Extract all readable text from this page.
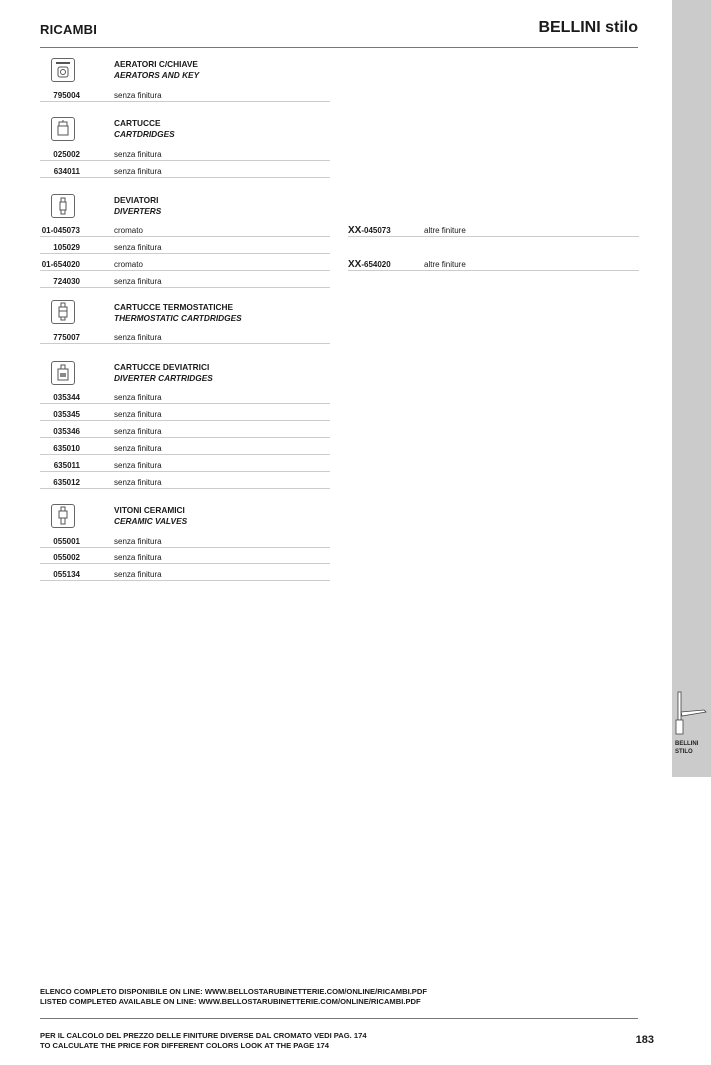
RICAMBI	BELLINI stilo
BELLINI
STILO
AERATORI C/CHIAVE
AERATORS AND KEY
795004	senza finitura
CARTUCCE
CARTDRIDGES
025002	senza finitura
634011	senza finitura
DEVIATORI
DIVERTERS
01-045073	cromato	XX-045073	altre finiture
105029	senza finitura
01-654020	cromato	XX-654020	altre finiture
724030	senza finitura
CARTUCCE TERMOSTATICHE
THERMOSTATIC CARTDRIDGES
775007	senza finitura
CARTUCCE DEVIATRICI
DIVERTER CARTRIDGES
035344	senza finitura
035345	senza finitura
035346	senza finitura
635010	senza finitura
635011	senza finitura
635012	senza finitura
VITONI CERAMICI
CERAMIC VALVES
055001	senza finitura
055002	senza finitura
055134	senza finitura
ELENCO COMPLETO DISPONIBILE ON LINE: WWW.BELLOSTARUBINETTERIE.COM/ONLINE/RICAMBI.PDF
LISTED COMPLETED AVAILABLE ON LINE: WWW.BELLOSTARUBINETTERIE.COM/ONLINE/RICAMBI.PDF
PER IL CALCOLO DEL PREZZO DELLE FINITURE DIVERSE DAL CROMATO VEDI PAG. 174
TO CALCULATE THE PRICE FOR DIFFERENT COLORS LOOK AT THE PAGE 174	183
